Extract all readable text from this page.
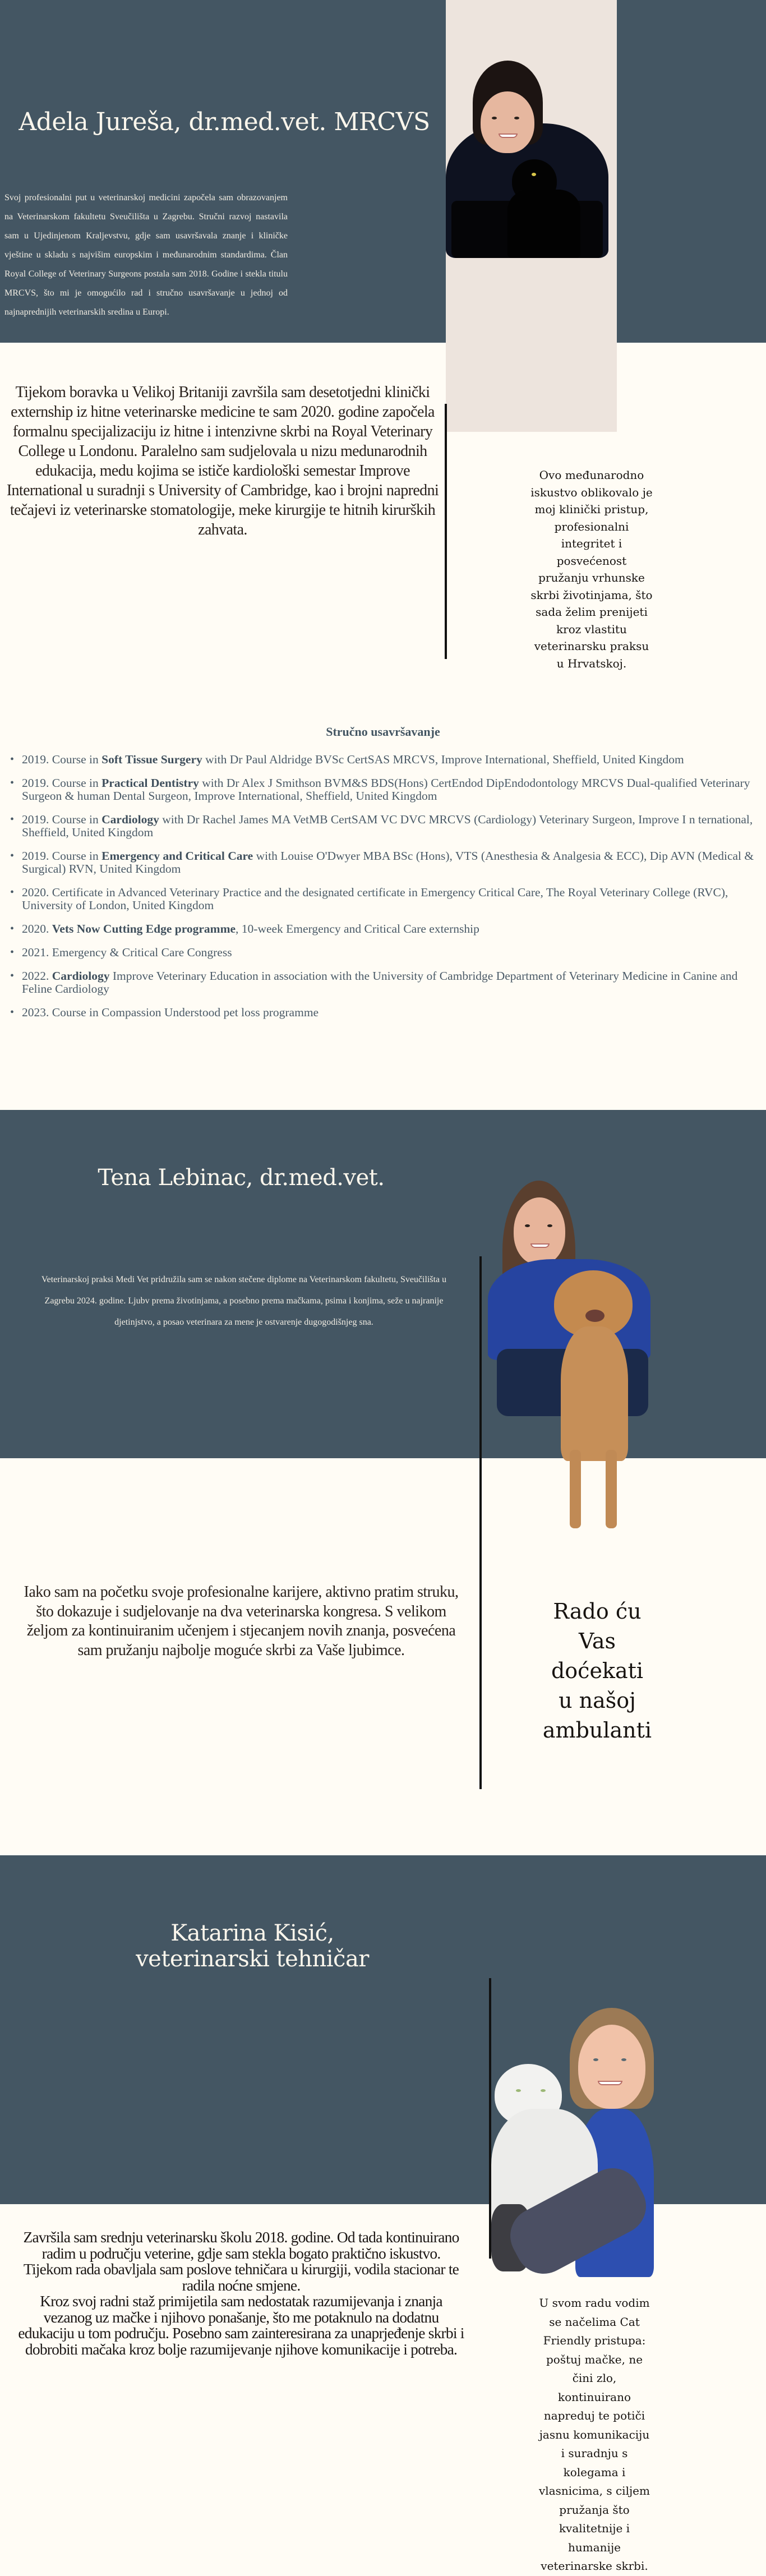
Adela Jureša, dr.med.vet. MRCVS

Svoj profesionalni put u veterinarskoj medicini započela sam obrazovanjem na Veterinarskom fakultetu Sveučilišta u Zagrebu. Stručni razvoj nastavila sam u Ujedinjenom Kraljevstvu, gdje sam usavršavala znanje i kliničke vještine u skladu s najvišim europskim i međunarodnim standardima. Član Royal College of Veterinary Surgeons postala sam 2018. Godine i stekla titulu MRCVS, što mi je omogućilo rad i stručno usavršavanje u jednoj od najnaprednijih veterinarskih sredina u Europi.

Tijekom boravka u Velikoj Britaniji završila sam desetotjedni klinički externship iz hitne veterinarske medicine te sam 2020. godine započela formalnu specijalizaciju iz hitne i intenzivne skrbi na Royal Veterinary College u Londonu. Paralelno sam sudjelovala u nizu medunarodnih edukacija, medu kojima se ističe kardiološki semestar Improve International u suradnji s University of Cambridge, kao i brojni napredni tečajevi iz veterinarske stomatologije, meke kirurgije te hitnih kirurških zahvata.

Ovo međunarodno iskustvo oblikovalo je moj klinički pristup, profesionalni integritet i posvećenost pružanju vrhunske skrbi životinjama, što sada želim prenijeti kroz vlastitu veterinarsku praksu u Hrvatskoj.

Stručno usavršavanje
• 2019. Course in Soft Tissue Surgery with Dr Paul Aldridge BVSc CertSAS MRCVS, Improve International, Sheffield, United Kingdom
• 2019. Course in Practical Dentistry with Dr Alex J Smithson BVM&S BDS(Hons) CertEndod DipEndodontology MRCVS Dual-qualified Veterinary Surgeon & human Dental Surgeon, Improve International, Sheffield, United Kingdom
• 2019. Course in Cardiology with Dr Rachel James MA VetMB CertSAM VC DVC MRCVS (Cardiology) Veterinary Surgeon, Improve I n ternational, Sheffield, United Kingdom
• 2019. Course in Emergency and Critical Care with Louise O'Dwyer MBA BSc (Hons), VTS (Anesthesia & Analgesia & ECC), Dip AVN (Medical & Surgical) RVN, United Kingdom
• 2020. Certificate in Advanced Veterinary Practice and the designated certificate in Emergency Critical Care, The Royal Veterinary College (RVC), University of London, United Kingdom
• 2020. Vets Now Cutting Edge programme, 10-week Emergency and Critical Care externship
• 2021. Emergency & Critical Care Congress
• 2022. Cardiology Improve Veterinary Education in association with the University of Cambridge Department of Veterinary Medicine in Canine and Feline Cardiology
• 2023. Course in Compassion Understood pet loss programme
Tena Lebinac, dr.med.vet.

Veterinarskoj praksi Medi Vet pridružila sam se nakon stečene diplome na Veterinarskom fakultetu, Sveučilišta u Zagrebu 2024. godine. Ljubv prema životinjama, a posebno prema mačkama, psima i konjima, seže u najranije djetinjstvo, a posao veterinara za mene je ostvarenje dugogodišnjeg sna.

Iako sam na početku svoje profesionalne karijere, aktivno pratim struku, što dokazuje i sudjelovanje na dva veterinarska kongresa. S velikom željom za kontinuiranim učenjem i stjecanjem novih znanja, posvećena sam pružanju najbolje moguće skrbi za Vaše ljubimce.

Rado ću Vas doćekati u našoj ambulanti

Katarina Kisić,
veterinarski tehničar

Završila sam srednju veterinarsku školu 2018. godine. Od tada kontinuirano radim u području veterine, gdje sam stekla bogato praktično iskustvo. Tijekom rada obavljala sam poslove tehničara u kirurgiji, vodila stacionar te radila noćne smjene.

Kroz svoj radni staž primijetila sam nedostatak razumijevanja i znanja vezanog uz mačke i njihovo ponašanje, što me potaknulo na dodatnu edukaciju u tom području. Posebno sam zainteresirana za unaprjeđenje skrbi i dobrobiti mačaka kroz bolje razumijevanje njihove komunikacije i potreba.

U svom radu vodim se načelima Cat Friendly pristupa: poštuj mačke, ne čini zlo, kontinuirano napreduj te potiči jasnu komunikaciju i suradnju s kolegama i vlasnicima, s ciljem pružanja što kvalitetnije i humanije veterinarske skrbi.
